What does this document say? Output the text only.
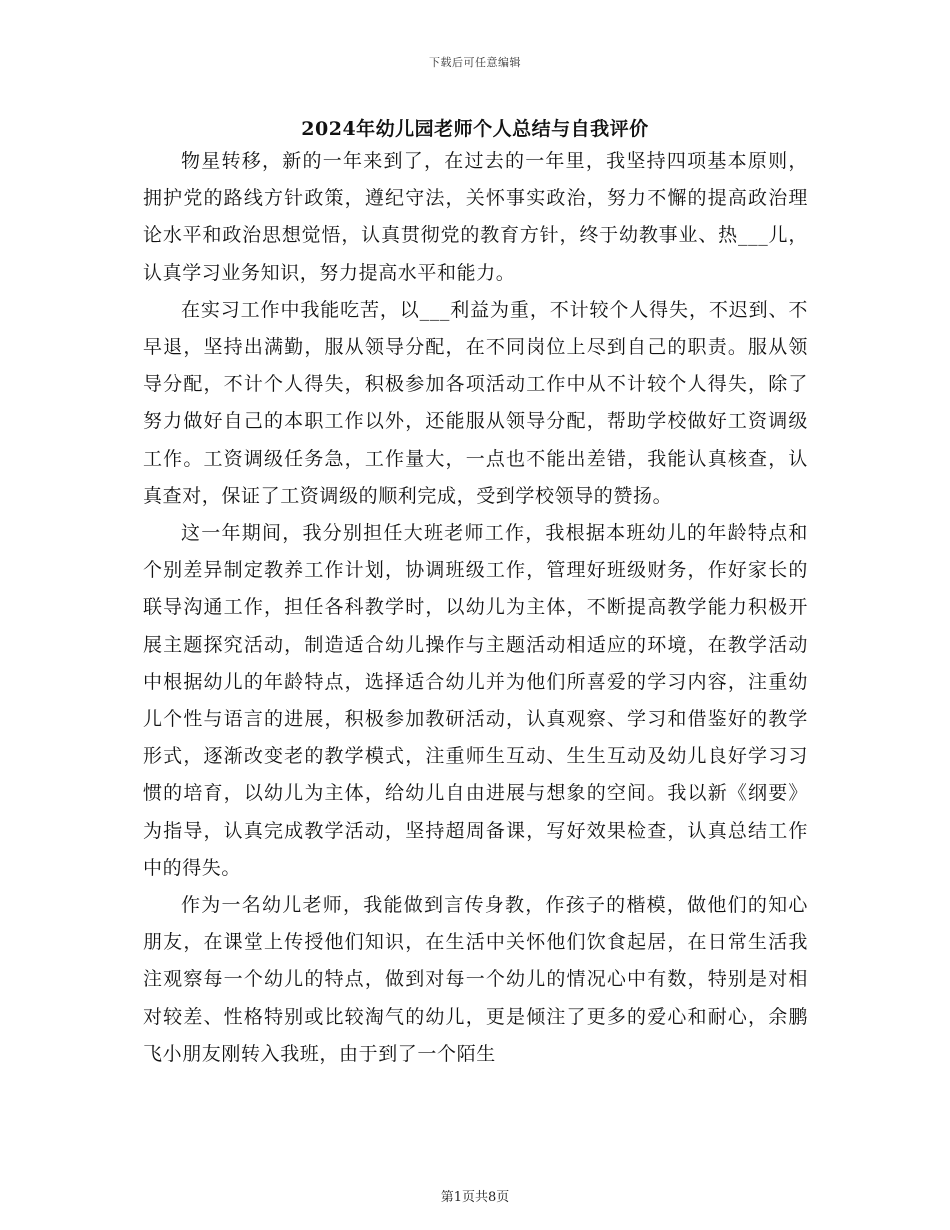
下载后可任意编辑
2024年幼儿园老师个人总结与自我评价

物星转移，新的一年来到了，在过去的一年里，我坚持四项基本原则，拥护党的路线方针政策，遵纪守法，关怀事实政治，努力不懈的提高政治理论水平和政治思想觉悟，认真贯彻党的教育方针，终于幼教事业、热___儿，认真学习业务知识，努力提高水平和能力。

在实习工作中我能吃苦，以___利益为重，不计较个人得失，不迟到、不早退，坚持出满勤，服从领导分配，在不同岗位上尽到自己的职责。服从领导分配，不计个人得失，积极参加各项活动工作中从不计较个人得失，除了努力做好自己的本职工作以外，还能服从领导分配，帮助学校做好工资调级工作。工资调级任务急，工作量大，一点也不能出差错，我能认真核查，认真查对，保证了工资调级的顺利完成，受到学校领导的赞扬。

这一年期间，我分别担任大班老师工作，我根据本班幼儿的年龄特点和个别差异制定教养工作计划，协调班级工作，管理好班级财务，作好家长的联导沟通工作，担任各科教学时，以幼儿为主体，不断提高教学能力积极开展主题探究活动，制造适合幼儿操作与主题活动相适应的环境，在教学活动中根据幼儿的年龄特点，选择适合幼儿并为他们所喜爱的学习内容，注重幼儿个性与语言的进展，积极参加教研活动，认真观察、学习和借鉴好的教学形式，逐渐改变老的教学模式，注重师生互动、生生互动及幼儿良好学习习惯的培育，以幼儿为主体，给幼儿自由进展与想象的空间。我以新《纲要》为指导，认真完成教学活动，坚持超周备课，写好效果检查，认真总结工作中的得失。

作为一名幼儿老师，我能做到言传身教，作孩子的楷模，做他们的知心朋友，在课堂上传授他们知识，在生活中关怀他们饮食起居，在日常生活我注观察每一个幼儿的特点，做到对每一个幼儿的情况心中有数，特别是对相对较差、性格特别或比较淘气的幼儿，更是倾注了更多的爱心和耐心，余鹏飞小朋友刚转入我班，由于到了一个陌生

第1页共8页
